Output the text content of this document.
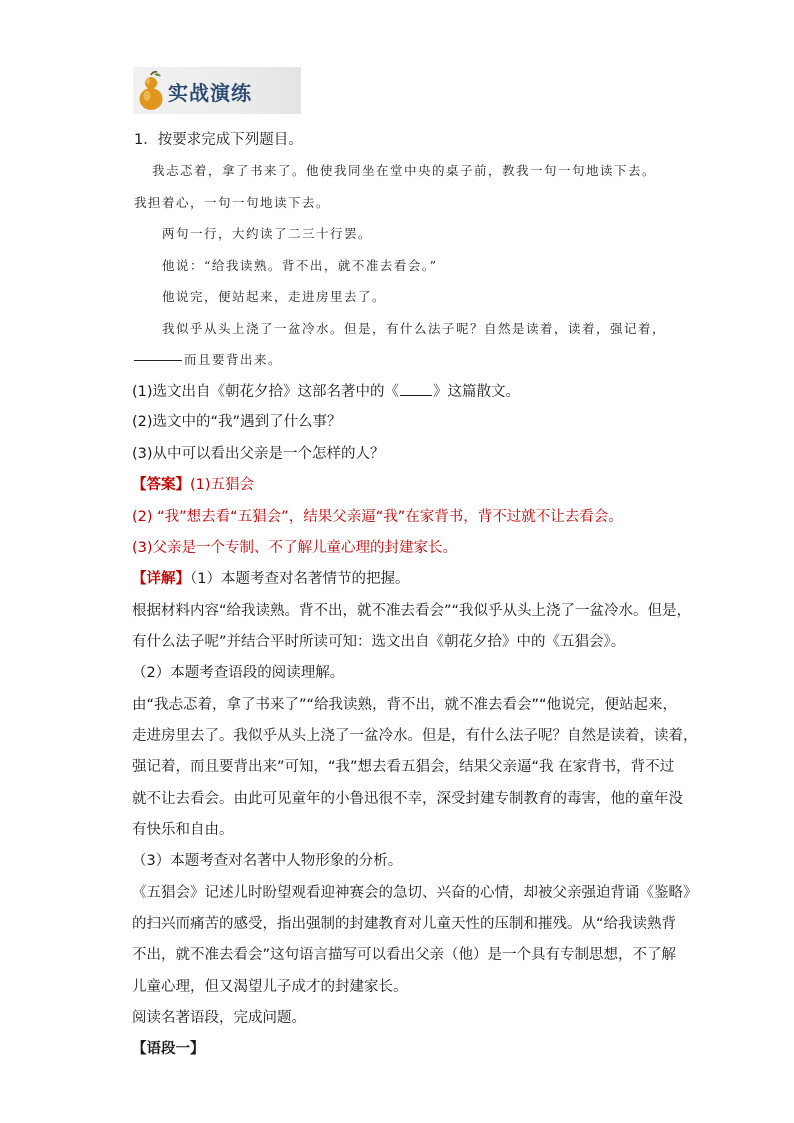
实战演练
1．按要求完成下列题目。
我忐忑着，拿了书来了。他使我同坐在堂中央的桌子前，教我一句一句地读下去。
我担着心，一句一句地读下去。
两句一行，大约读了二三十行罢。
他说：“给我读熟。背不出，就不准去看会。”
他说完，便站起来，走进房里去了。
我似乎从头上浇了一盆冷水。但是，有什么法子呢？自然是读着，读着，强记着，
而且要背出来。
(1)选文出自《朝花夕拾》这部名著中的《 》这篇散文。
(2)选文中的“我”遇到了什么事？
(3)从中可以看出父亲是一个怎样的人？
【答案】(1)五猖会
(2) “我”想去看“五猖会”，结果父亲逼“我”在家背书，背不过就不让去看会。
(3)父亲是一个专制、不了解儿童心理的封建家长。
【详解】（1）本题考查对名著情节的把握。
根据材料内容“给我读熟。背不出，就不准去看会”“我似乎从头上浇了一盆冷水。但是，
有什么法子呢”并结合平时所读可知：选文出自《朝花夕拾》中的《五猖会》。
（2）本题考查语段的阅读理解。
由“我忐忑着，拿了书来了”“给我读熟，背不出，就不准去看会”“他说完，便站起来，
走进房里去了。我似乎从头上浇了一盆冷水。但是，有什么法子呢？自然是读着，读着，
强记着，而且要背出来”可知，“我”想去看五猖会，结果父亲逼“我 在家背书，背不过
就不让去看会。由此可见童年的小鲁迅很不幸，深受封建专制教育的毒害，他的童年没
有快乐和自由。
（3）本题考查对名著中人物形象的分析。
《五猖会》记述儿时盼望观看迎神赛会的急切、兴奋的心情，却被父亲强迫背诵《鉴略》
的扫兴而痛苦的感受，指出强制的封建教育对儿童天性的压制和摧残。从“给我读熟背
不出，就不准去看会”这句语言描写可以看出父亲（他）是一个具有专制思想，不了解
儿童心理，但又渴望儿子成才的封建家长。
阅读名著语段，完成问题。
【语段一】
